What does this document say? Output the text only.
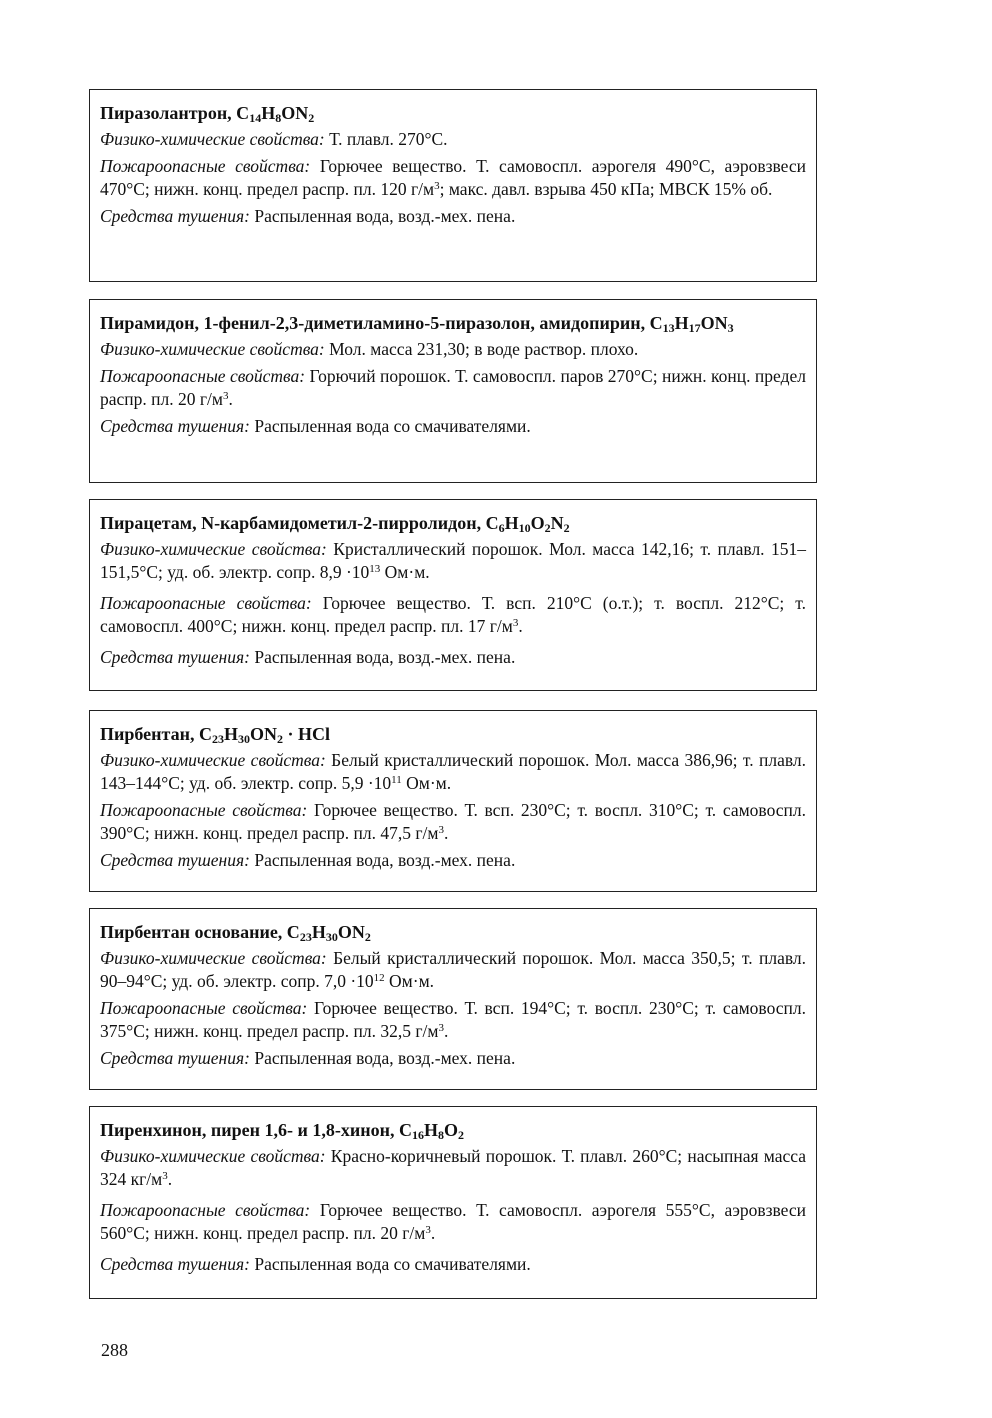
Пиразолантрон, $C_{14}H_8ON_2$

Физико-химические свойства: Т. плавл. 270°С.

Пожароопасные свойства: Горючее вещество. Т. самовоспл. аэрогеля 490°С, аэровзвеси 470°С; нижн. конц. предел распр. пл. 120 $г/м^3$; макс. давл. взрыва 450 кПа; МВСК 15% об.

Средства тушения: Распыленная вода, возд.-мех. пена.

Пирамидон, 1-фенил-2,3-диметиламино-5-пиразолон, амидопирин, $C_{13}H_{17}ON_3$

Физико-химические свойства: Мол. масса 231,30; в воде раствор. плохо.

Пожароопасные свойства: Горючий порошок. Т. самовоспл. паров 270°С; нижн. конц. предел распр. пл. 20 $г/м^3$.

Средства тушения: Распыленная вода со смачивателями.

Пирацетам, N-карбамидометил-2-пирролидон, $C_6H_{10}O_2N_2$

Физико-химические свойства: Кристаллический порошок. Мол. масса 142,16; т. плавл. 151–151,5°С; уд. об. электр. сопр. $8,9 \cdot 10^{13}$ Ом·м.

Пожароопасные свойства: Горючее вещество. Т. всп. 210°С (о.т.); т. воспл. 212°С; т. самовоспл. 400°С; нижн. конц. предел распр. пл. 17 $г/м^3$.

Средства тушения: Распыленная вода, возд.-мех. пена.

Пирбентан, $C_{23}H_{30}ON_2$ · HCl

Физико-химические свойства: Белый кристаллический порошок. Мол. масса 386,96; т. плавл. 143–144°С; уд. об. электр. сопр. $5,9 \cdot 10^{11}$ Ом·м.

Пожароопасные свойства: Горючее вещество. Т. всп. 230°С; т. воспл. 310°С; т. самовоспл. 390°С; нижн. конц. предел распр. пл. 47,5 $г/м^3$.

Средства тушения: Распыленная вода, возд.-мех. пена.

Пирбентан основание, $C_{23}H_{30}ON_2$

Физико-химические свойства: Белый кристаллический порошок. Мол. масса 350,5; т. плавл. 90–94°С; уд. об. электр. сопр. $7,0 \cdot 10^{12}$ Ом·м.

Пожароопасные свойства: Горючее вещество. Т. всп. 194°С; т. воспл. 230°С; т. самовоспл. 375°С; нижн. конц. предел распр. пл. 32,5 $г/м^3$.

Средства тушения: Распыленная вода, возд.-мех. пена.

Пиренхинон, пирен 1,6- и 1,8-хинон, $C_{16}H_8O_2$

Физико-химические свойства: Красно-коричневый порошок. Т. плавл. 260°С; насыпная масса 324 $кг/м^3$.

Пожароопасные свойства: Горючее вещество. Т. самовоспл. аэрогеля 555°С, аэровзвеси 560°С; нижн. конц. предел распр. пл. 20 $г/м^3$.

Средства тушения: Распыленная вода со смачивателями.

288
